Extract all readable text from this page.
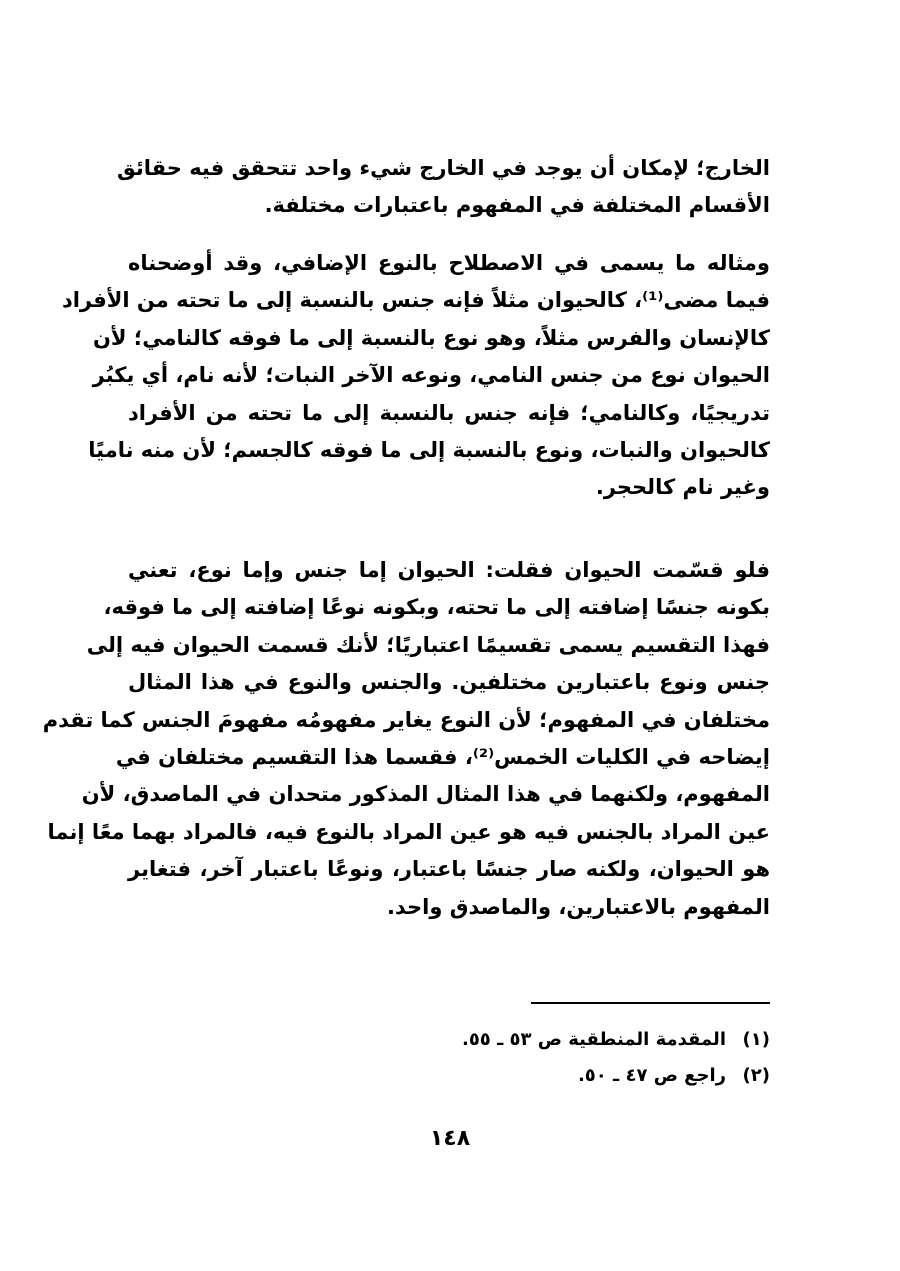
الخارج؛ لإمكان أن يوجد في الخارج شيء واحد تتحقق فيه حقائق
الأقسام المختلفة في المفهوم باعتبارات مختلفة.
ومثاله ما يسمى في الاصطلاح بالنوع الإضافي، وقد أوضحناه
فيما مضى⁽¹⁾، كالحيوان مثلاً فإنه جنس بالنسبة إلى ما تحته من الأفراد
كالإنسان والفرس مثلاً، وهو نوع بالنسبة إلى ما فوقه كالنامي؛ لأن
الحيوان نوع من جنس النامي، ونوعه الآخر النبات؛ لأنه نام، أي يكبُر
تدريجيًا، وكالنامي؛ فإنه جنس بالنسبة إلى ما تحته من الأفراد
كالحيوان والنبات، ونوع بالنسبة إلى ما فوقه كالجسم؛ لأن منه ناميًا
وغير نام كالحجر.
فلو قسّمت الحيوان فقلت: الحيوان إما جنس وإما نوع، تعني
بكونه جنسًا إضافته إلى ما تحته، وبكونه نوعًا إضافته إلى ما فوقه،
فهذا التقسيم يسمى تقسيمًا اعتباريًا؛ لأنك قسمت الحيوان فيه إلى
جنس ونوع باعتبارين مختلفين. والجنس والنوع في هذا المثال
مختلفان في المفهوم؛ لأن النوع يغاير مفهومُه مفهومَ الجنس كما تقدم
إيضاحه في الكليات الخمس⁽²⁾، فقسما هذا التقسيم مختلفان في
المفهوم، ولكنهما في هذا المثال المذكور متحدان في الماصدق، لأن
عين المراد بالجنس فيه هو عين المراد بالنوع فيه، فالمراد بهما معًا إنما
هو الحيوان، ولكنه صار جنسًا باعتبار، ونوعًا باعتبار آخر، فتغاير
المفهوم بالاعتبارين، والماصدق واحد.
(١)المقدمة المنطقية ص ٥٣ ـ ٥٥.
(٢)راجع ص ٤٧ ـ ٥٠.
١٤٨
